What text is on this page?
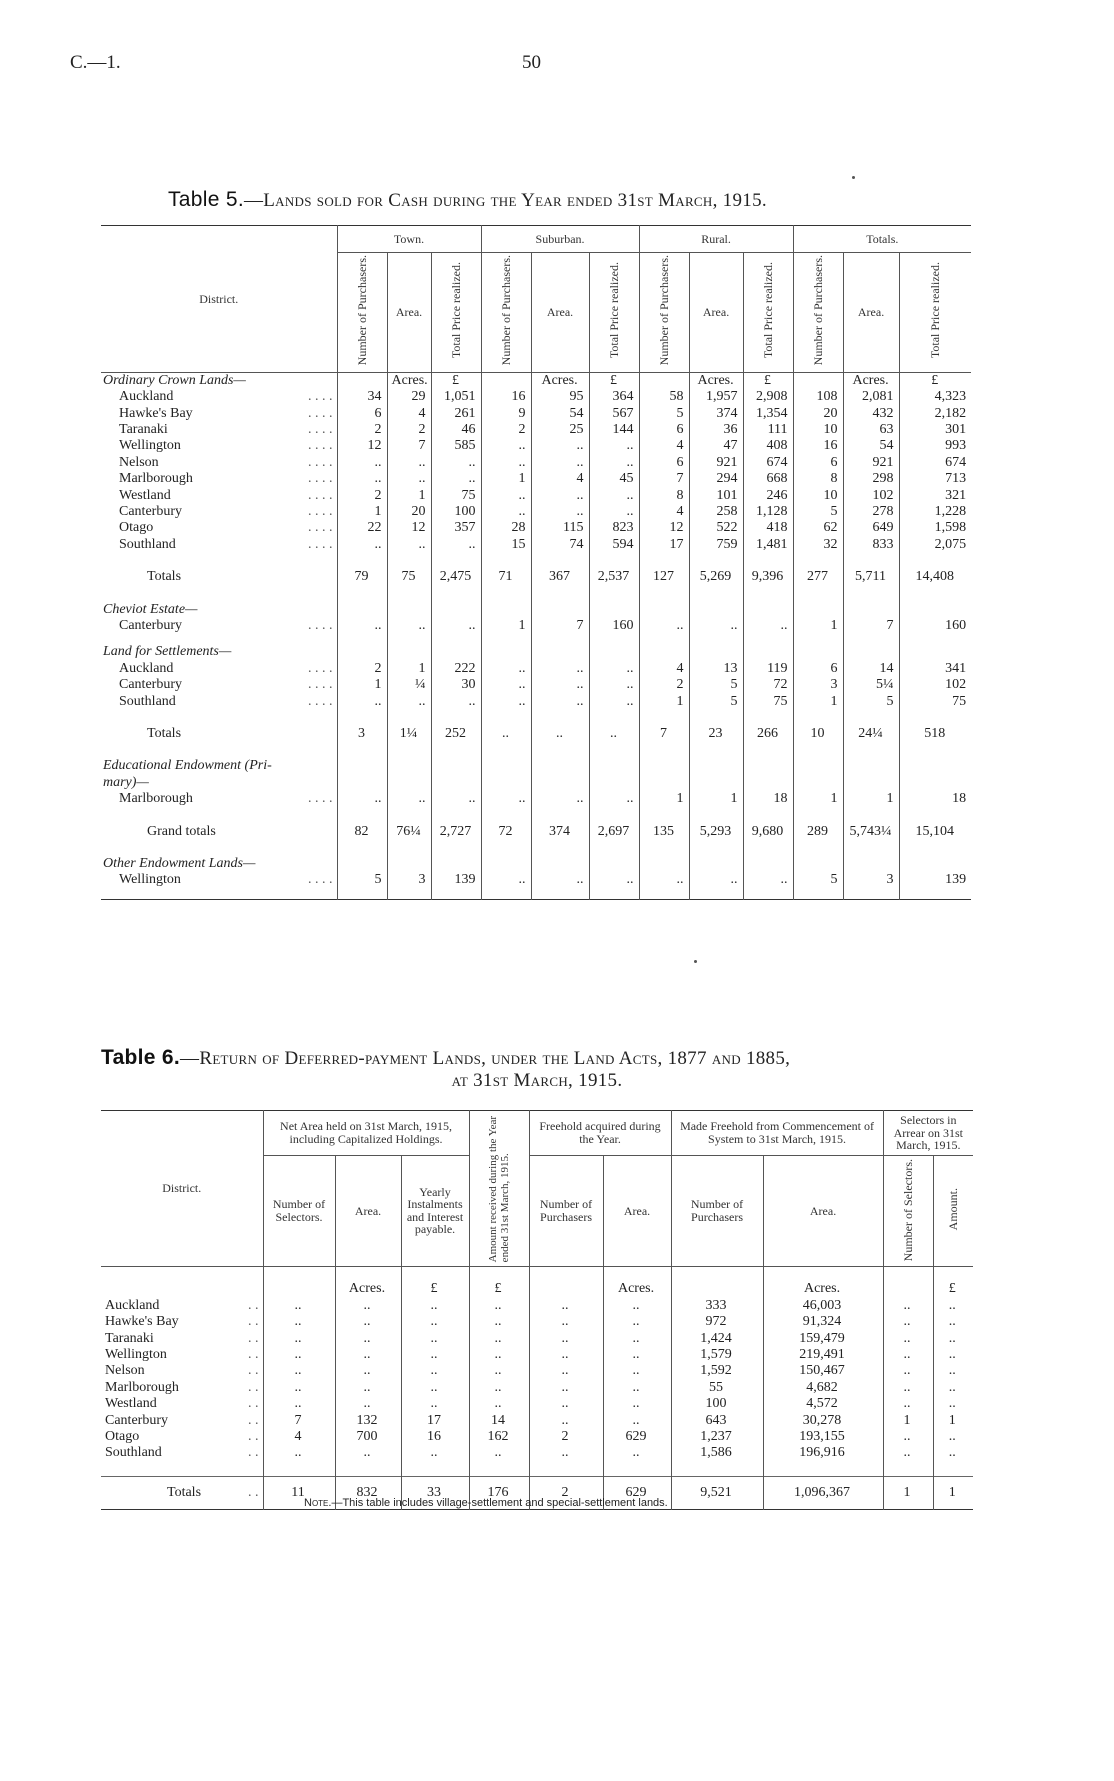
C.—1.	50
Table 5.—Lands sold for Cash during the Year ended 31st March, 1915.
District.	Town.			Suburban.			Rural.			Totals.		
	Number of Purchasers.	Area.	Total Price realized.	Number of Purchasers.	Area.	Total Price realized.	Number of Purchasers.	Area.	Total Price realized.	Number of Purchasers.	Area.	Total Price realized.
Ordinary Crown Lands—		Acres.	£		Acres.	£		Acres.	£		Acres.	£

Auckland . . . .	34	29	1,051	16	95	364	58	1,957	2,908	108	2,081	4,323

Hawke's Bay . . . .	6	4	261	9	54	567	5	374	1,354	20	432	2,182

Taranaki . . . .	2	2	46	2	25	144	6	36	111	10	63	301

Wellington . . . .	12	7	585	..	..	..	4	47	408	16	54	993

Nelson . . . .	..	..	..	..	..	..	6	921	674	6	921	674

Marlborough . . . .	..	..	..	1	4	45	7	294	668	8	298	713

Westland . . . .	2	1	75	..	..	..	8	101	246	10	102	321

Canterbury . . . .	1	20	100	..	..	..	4	258	1,128	5	278	1,228

Otago . . . .	22	12	357	28	115	823	12	522	418	62	649	1,598

Southland . . . .	..	..	..	15	74	594	17	759	1,481	32	833	2,075

Totals	79	75	2,475	71	367	2,537	127	5,269	9,396	277	5,711	14,408

Cheviot Estate—												

Canterbury . . . .	..	..	..	1	7	160	..	..	..	1	7	160

Land for Settlements—												

Auckland . . . .	2	1	222	..	..	..	4	13	119	6	14	341

Canterbury . . . .	1	¼	30	..	..	..	2	5	72	3	5¼	102

Southland . . . .	..	..	..	..	..	..	1	5	75	1	5	75

Totals	3	1¼	252	..	..	..	7	23	266	10	24¼	518

Educational Endowment (Pri-												
mary)—												

Marlborough . . . .	..	..	..	..	..	..	1	1	18	1	1	18

Grand totals	82	76¼	2,727	72	374	2,697	135	5,293	9,680	289	5,743¼	15,104

Other Endowment Lands—												

Wellington . . . .	5	3	139	..	..	..	..	..	..	5	3	139

Table 6.—Return of Deferred-payment Lands, under the Land Acts, 1877 and 1885,
at 31st March, 1915.
District.	Net Area held on 31st March, 1915, including Capitalized Holdings.			Amount received during the Year ended 31st March, 1915.	Freehold acquired during the Year.		Made Freehold from Commencement of System to 31st March, 1915.		Selectors in Arrear on 31st March, 1915.	
	Number of Selectors.	Area.	Yearly Instalments and Interest payable.		Number of Purchasers	Area.	Number of Purchasers	Area.	Number of Selectors.	Amount.
		Acres.	£	£		Acres.		Acres.		£

Auckland . .	..	..	..	..	..	..	333	46,003	..	..

Hawke's Bay . .	..	..	..	..	..	..	972	91,324	..	..

Taranaki . .	..	..	..	..	..	..	1,424	159,479	..	..

Wellington . .	..	..	..	..	..	..	1,579	219,491	..	..

Nelson . .	..	..	..	..	..	..	1,592	150,467	..	..

Marlborough . .	..	..	..	..	..	..	55	4,682	..	..

Westland . .	..	..	..	..	..	..	100	4,572	..	..

Canterbury . .	7	132	17	14	..	..	643	30,278	1	1

Otago . .	4	700	16	162	2	629	1,237	193,155	..	..

Southland . .	..	..	..	..	..	..	1,586	196,916	..	..

Totals . .	11	832	33	176	2	629	9,521	1,096,367	1	1
Note.—This table includes village-settlement and special-settlement lands.
